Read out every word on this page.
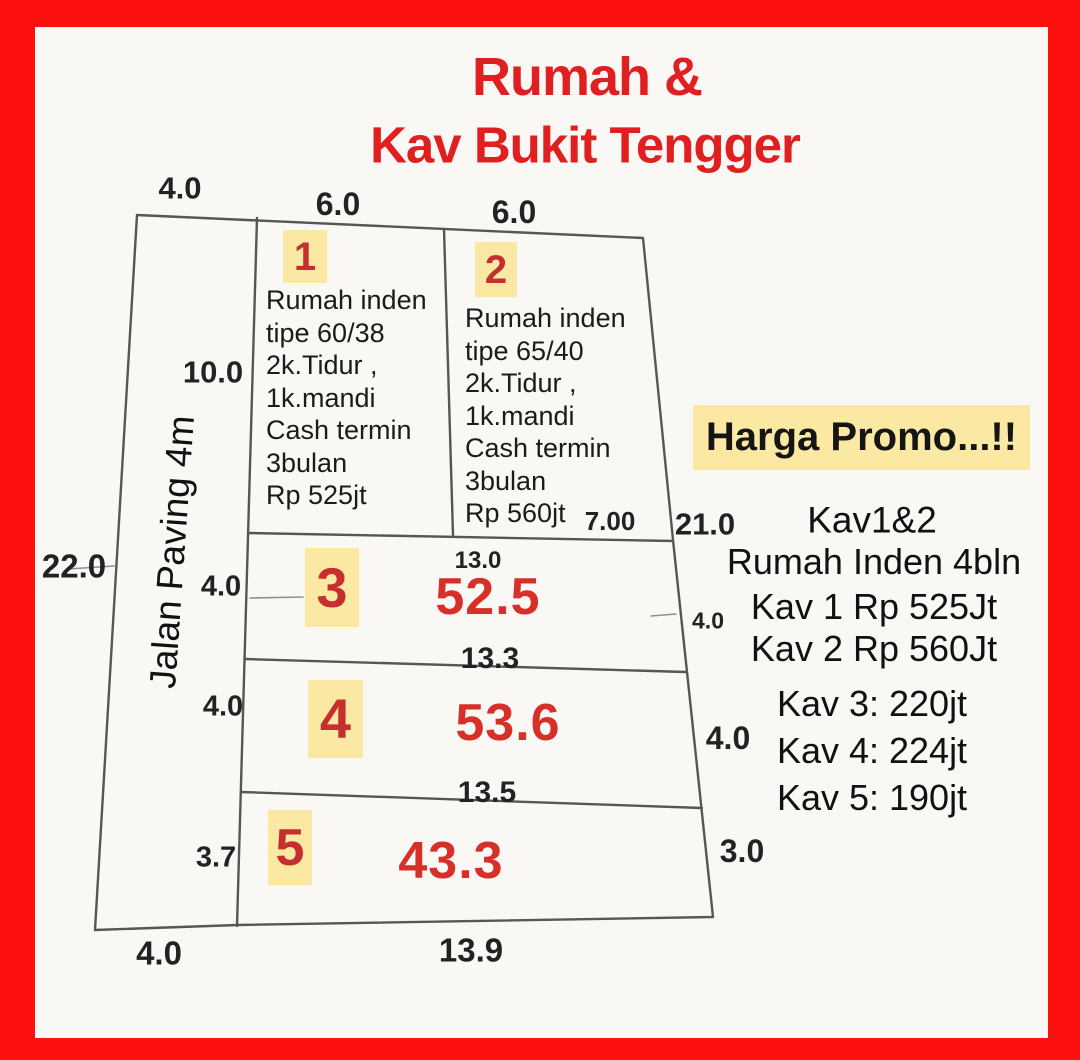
Rumah &
Kav Bukit Tengger
Jalan Paving 4m
4.0	6.0	6.0
10.0
22.0
4.0
4.0
3.7
4.0	13.9
21.0
7.00
4.0
4.0
3.0
13.0
13.3
13.5
1
Rumah inden
tipe 60/38
2k.Tidur ,
1k.mandi
Cash termin
3bulan
Rp 525jt
2
Rumah inden
tipe 65/40
2k.Tidur ,
1k.mandi
Cash termin
3bulan
Rp 560jt
3 52.5
4 53.6
5 43.3
Harga Promo...!!
Kav1&2
Rumah Inden 4bln
Kav 1 Rp 525Jt
Kav 2 Rp 560Jt
Kav 3: 220jt
Kav 4: 224jt
Kav 5: 190jt
